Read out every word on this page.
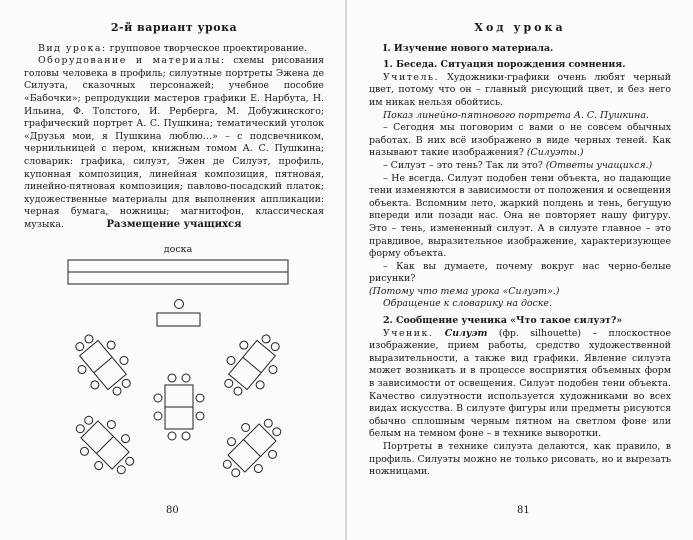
2-й вариант урока

Вид урока: групповое творческое проектирование.

Оборудование и материалы: схемы рисования головы человека в профиль; силуэтные портреты Эжена де Силуэта, сказочных персонажей; учебное пособие «Бабочки»; репродукции мастеров графики Е. Нарбута, Н. Ильина, Ф. Толстого, И. Рерберга, М. Добужинского; графический портрет А. С. Пушкина; тематический уголок «Друзья мои, я Пушкина люблю…» – с подсвечником, чернильницей с пером, книжным томом А. С. Пушкина; словарик: графика, силуэт, Эжен де Силуэт, профиль, купонная композиция, линейная композиция, пятновая, линейно-пятновая композиция; павлово-посадский платок; художественные материалы для выполнения аппликации: черная бумага, ножницы; магнитофон, классическая музыка.	Размещение учащихся
доска
80
Ход урока

I. Изучение нового материала.

1. Беседа. Ситуация порождения сомнения.

Учитель. Художники-графики очень любят черный цвет, потому что он – главный рисующий цвет, и без него им никак нельзя обойтись.

Показ линейно-пятнового портрета А. С. Пушкина.

– Сегодня мы поговорим с вами о не совсем обычных работах. В них всё изображено в виде черных теней. Как называют такие изображения? (Силуэты.)

– Силуэт – это тень? Так ли это? (Ответы учащихся.)

– Не всегда. Силуэт подобен тени объекта, но падающие тени изменяются в зависимости от положения и освещения объекта. Вспомним лето, жаркий полдень и тень, бегущую впереди или позади нас. Она не повторяет нашу фигуру. Это – тень, измененный силуэт. А в силуэте главное – это правдивое, выразительное изображение, характеризующее форму объекта.

– Как вы думаете, почему вокруг нас черно-белые рисунки?

(Потому что тема урока «Силуэт».)

Обращение к словарику на доске.

2. Сообщение ученика «Что такое силуэт?»

Ученик. Силуэт (фр. silhouette) – плоскостное изображение, прием работы, средство художественной выразительности, а также вид графики. Явление силуэта может возникать и в процессе восприятия объемных форм в зависимости от освещения. Силуэт подобен тени объекта. Качество силуэтности используется художниками во всех видах искусства. В силуэте фигуры или предметы рисуются обычно сплошным черным пятном на светлом фоне или белым на темном фоне – в технике выворотки.

Портреты в технике силуэта делаются, как правило, в профиль. Силуэты можно не только рисовать, но и вырезать ножницами.

81
